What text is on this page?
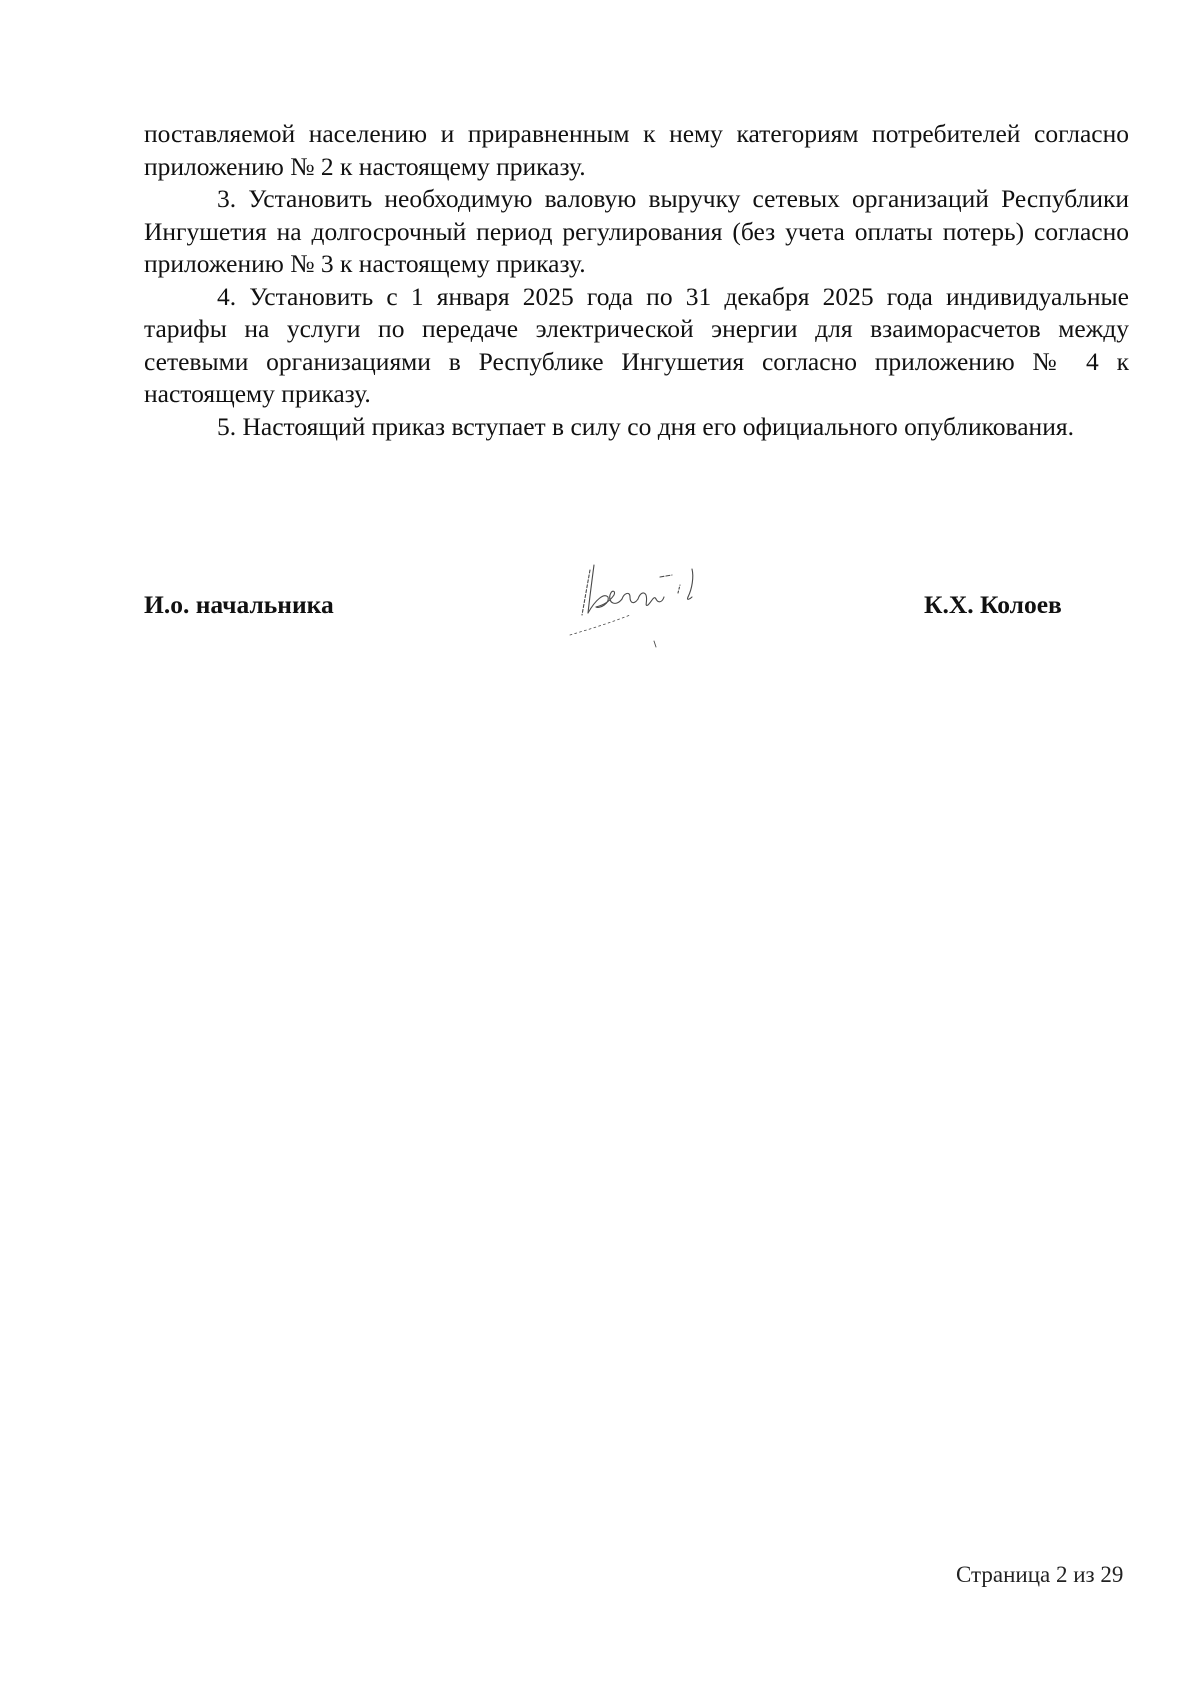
поставляемой населению и приравненным к нему категориям потребителей согласно приложению № 2 к настоящему приказу.

3. Установить необходимую валовую выручку сетевых организаций Республики Ингушетия на долгосрочный период регулирования (без учета оплаты потерь) согласно приложению № 3 к настоящему приказу.

4. Установить с 1 января 2025 года по 31 декабря 2025 года индивидуальные тарифы на услуги по передаче электрической энергии для взаиморасчетов между сетевыми организациями в Республике Ингушетия согласно приложению № 4 к настоящему приказу.

5. Настоящий приказ вступает в силу со дня его официального опубликования.

И.о. начальника	К.Х. Колоев
Страница 2 из 29
